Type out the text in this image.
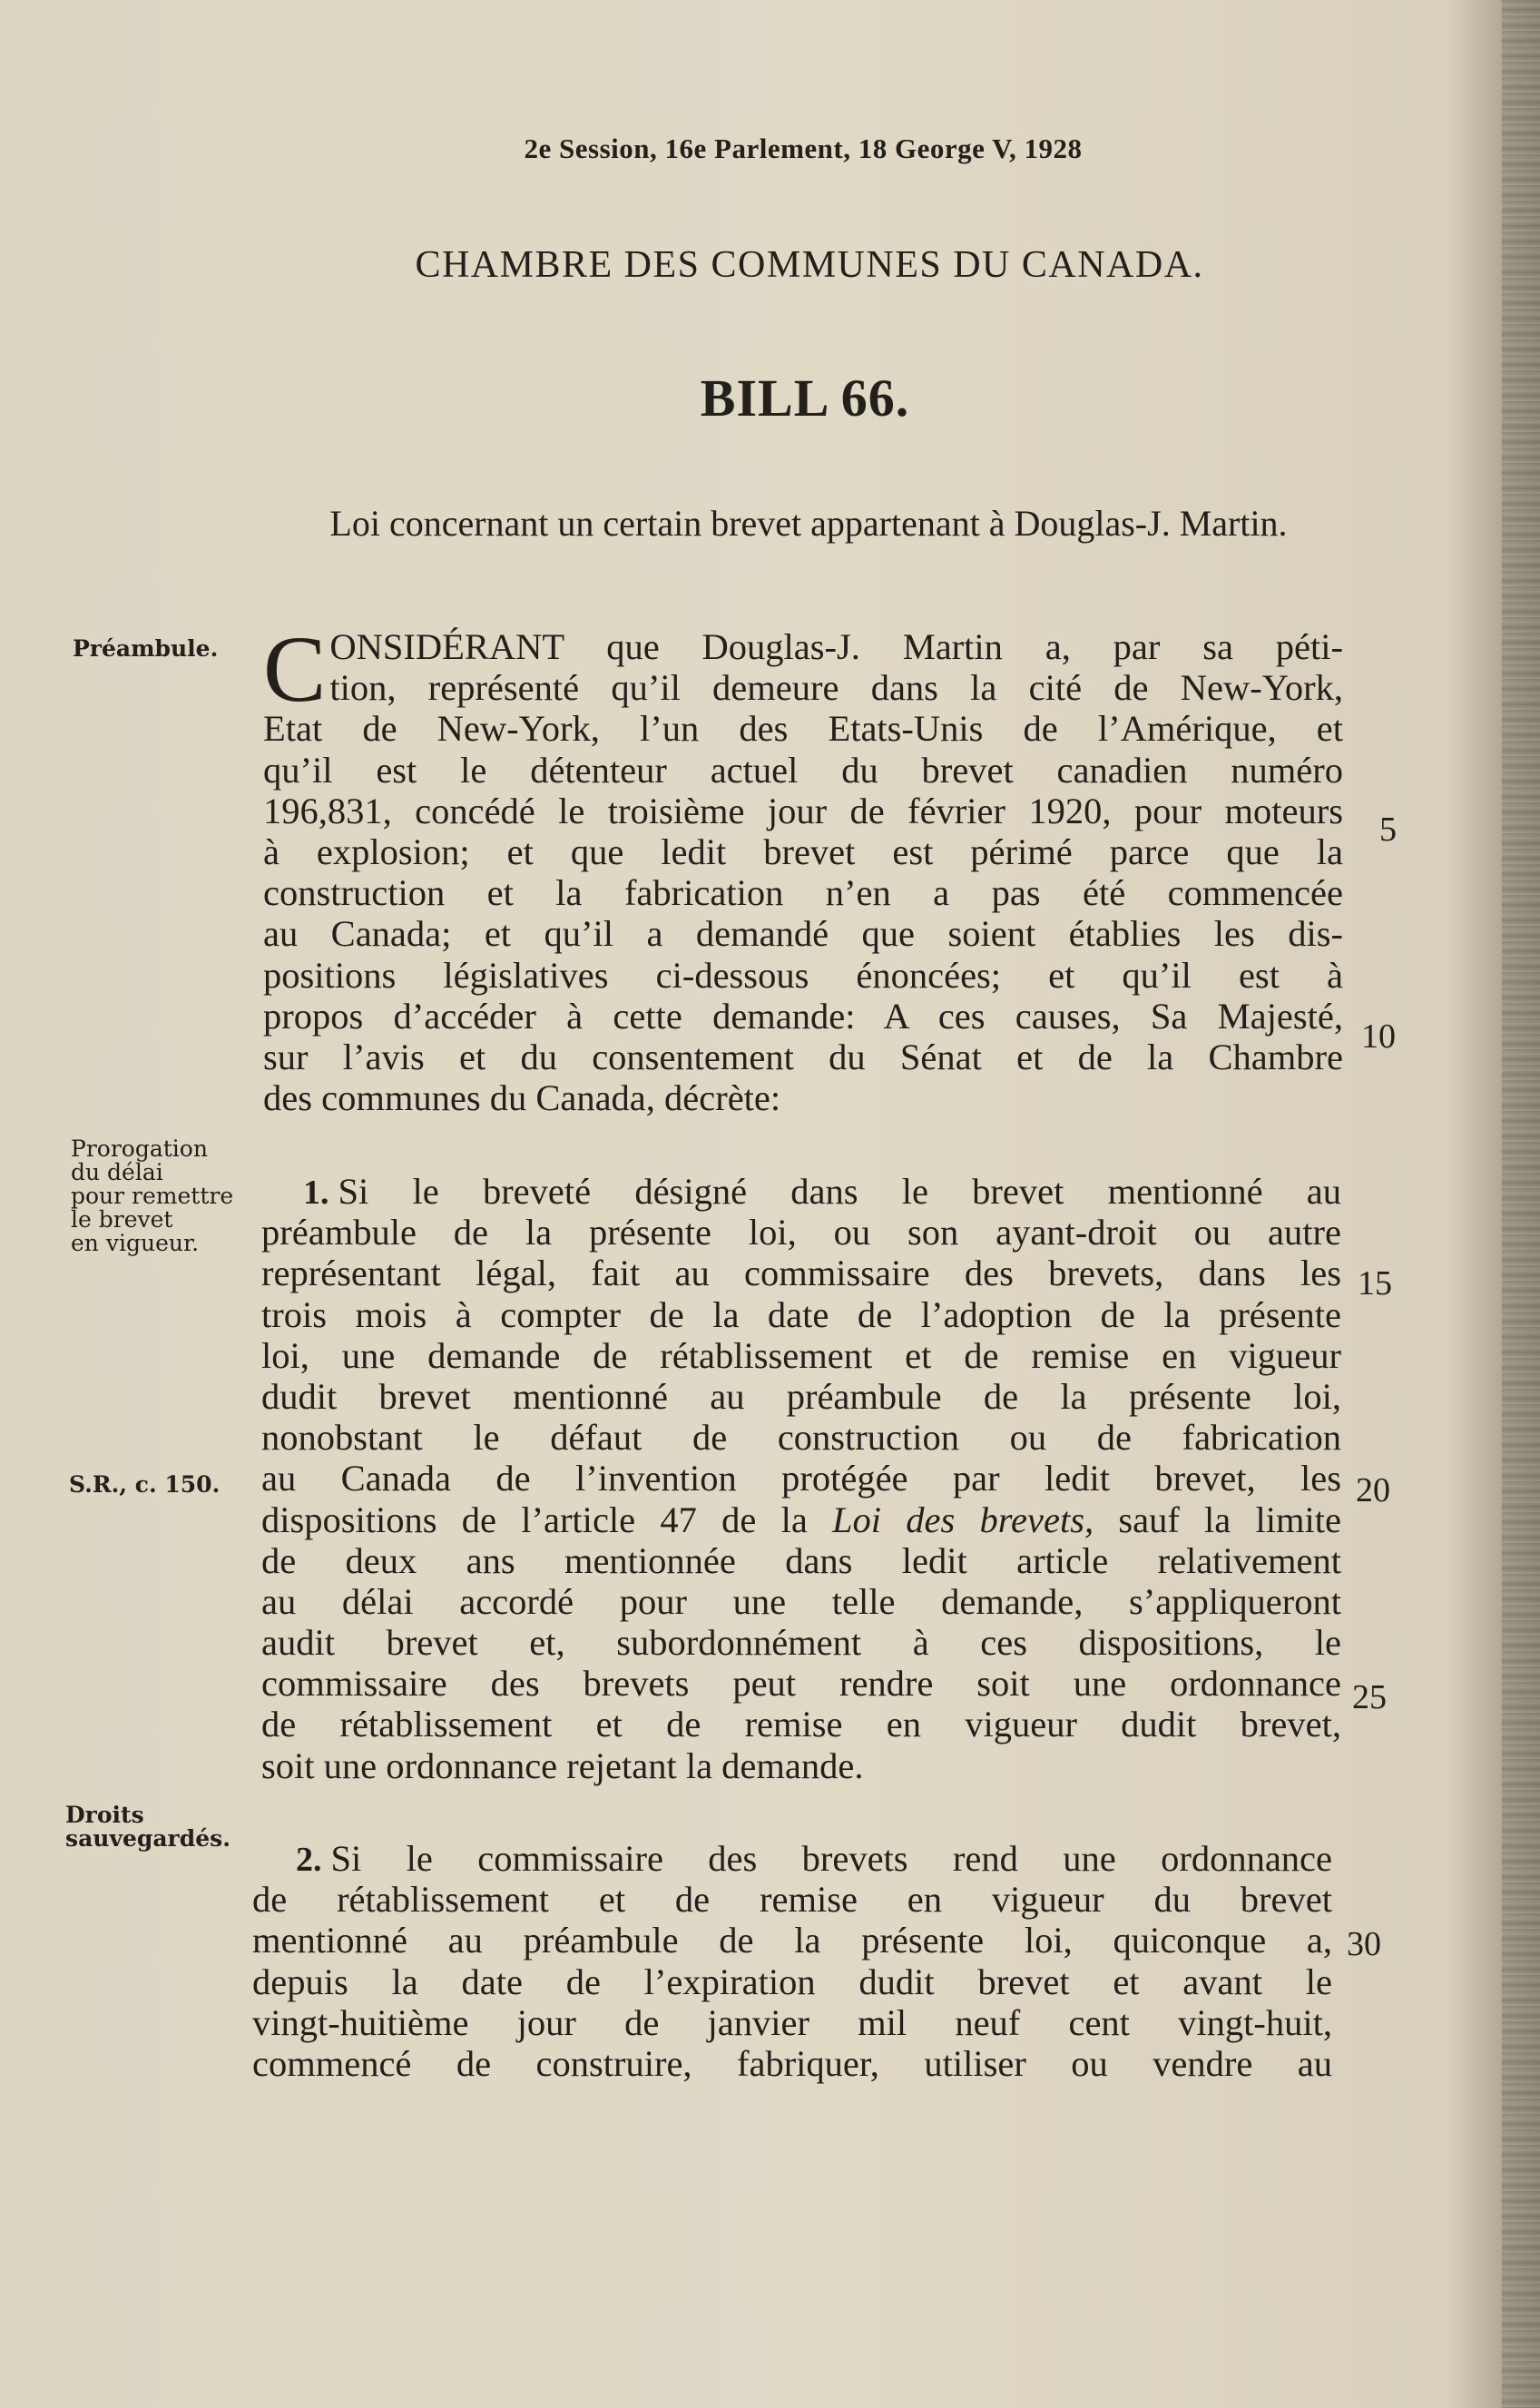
2e Session, 16e Parlement, 18 George V, 1928
CHAMBRE DES COMMUNES DU CANADA.
BILL 66.
Loi concernant un certain brevet appartenant à Douglas-J. Martin.
Préambule.
Prorogation
du délai
pour remettre
le brevet
en vigueur.
S.R., c. 150.
Droits
sauvegardés.
C ONSIDÉRANT que Douglas-J. Martin a, par sa péti-
tion, représenté qu’il demeure dans la cité de New-York,
Etat de New-York, l’un des Etats-Unis de l’Amérique, et
qu’il est le détenteur actuel du brevet canadien numéro
196,831, concédé le troisième jour de février 1920, pour moteurs
à explosion; et que ledit brevet est périmé parce que la
construction et la fabrication n’en a pas été commencée
au Canada; et qu’il a demandé que soient établies les dis-
positions législatives ci-dessous énoncées; et qu’il est à
propos d’accéder à cette demande: A ces causes, Sa Majesté,
sur l’avis et du consentement du Sénat et de la Chambre
des communes du Canada, décrète:
1. Si le breveté désigné dans le brevet mentionné au
préambule de la présente loi, ou son ayant-droit ou autre
représentant légal, fait au commissaire des brevets, dans les
trois mois à compter de la date de l’adoption de la présente
loi, une demande de rétablissement et de remise en vigueur
dudit brevet mentionné au préambule de la présente loi,
nonobstant le défaut de construction ou de fabrication
au Canada de l’invention protégée par ledit brevet, les
dispositions de l’article 47 de la Loi des brevets, sauf la limite
de deux ans mentionnée dans ledit article relativement
au délai accordé pour une telle demande, s’appliqueront
audit brevet et, subordonnément à ces dispositions, le
commissaire des brevets peut rendre soit une ordonnance
de rétablissement et de remise en vigueur dudit brevet,
soit une ordonnance rejetant la demande.
2. Si le commissaire des brevets rend une ordonnance
de rétablissement et de remise en vigueur du brevet
mentionné au préambule de la présente loi, quiconque a,
depuis la date de l’expiration dudit brevet et avant le
vingt-huitième jour de janvier mil neuf cent vingt-huit,
commencé de construire, fabriquer, utiliser ou vendre au
5
10
15
20
25
30
